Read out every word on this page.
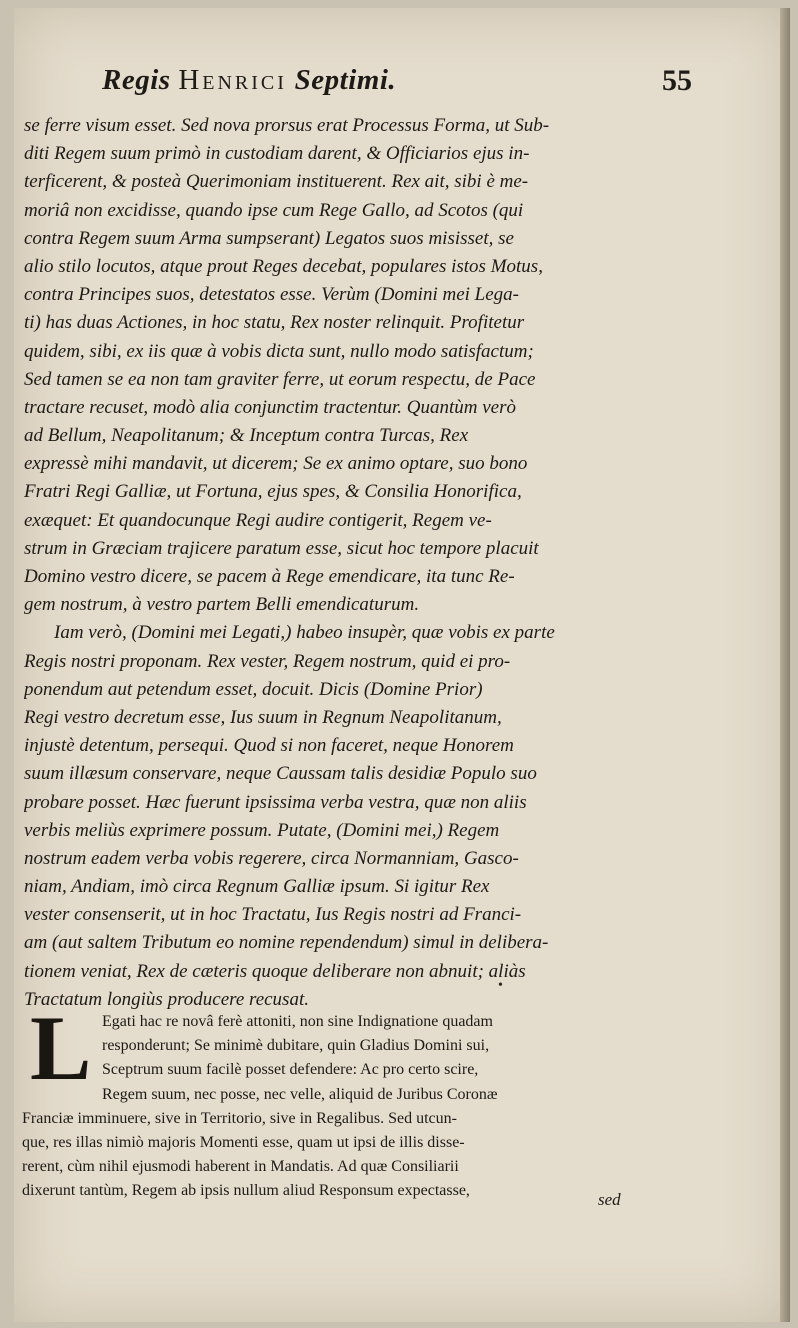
Regis Henrici Septimi.	55
se ferre visum esset. Sed nova prorsus erat Processus Forma, ut Sub-
diti Regem suum primò in custodiam darent, & Officiarios ejus in-
terficerent, & posteà Querimoniam instituerent. Rex ait, sibi è me-
moriâ non excidisse, quando ipse cum Rege Gallo, ad Scotos (qui
contra Regem suum Arma sumpserant) Legatos suos misisset, se
alio stilo locutos, atque prout Reges decebat, populares istos Motus,
contra Principes suos, detestatos esse. Verùm (Domini mei Lega-
ti) has duas Actiones, in hoc statu, Rex noster relinquit. Profitetur
quidem, sibi, ex iis quæ à vobis dicta sunt, nullo modo satisfactum;
Sed tamen se ea non tam graviter ferre, ut eorum respectu, de Pace
tractare recuset, modò alia conjunctim tractentur. Quantùm verò
ad Bellum, Neapolitanum; & Inceptum contra Turcas, Rex
expressè mihi mandavit, ut dicerem; Se ex animo optare, suo bono
Fratri Regi Galliæ, ut Fortuna, ejus spes, & Consilia Honorifica,
exæquet: Et quandocunque Regi audire contigerit, Regem ve-
strum in Græciam trajicere paratum esse, sicut hoc tempore placuit
Domino vestro dicere, se pacem à Rege emendicare, ita tunc Re-
gem nostrum, à vestro partem Belli emendicaturum.
Iam verò, (Domini mei Legati,) habeo insupèr, quæ vobis ex parte
Regis nostri proponam. Rex vester, Regem nostrum, quid ei pro-
ponendum aut petendum esset, docuit. Dicis (Domine Prior)
Regi vestro decretum esse, Ius suum in Regnum Neapolitanum,
injustè detentum, persequi. Quod si non faceret, neque Honorem
suum illæsum conservare, neque Caussam talis desidiæ Populo suo
probare posset. Hæc fuerunt ipsissima verba vestra, quæ non aliis
verbis meliùs exprimere possum. Putate, (Domini mei,) Regem
nostrum eadem verba vobis regerere, circa Normanniam, Gasco-
niam, Andiam, imò circa Regnum Galliæ ipsum. Si igitur Rex
vester consenserit, ut in hoc Tractatu, Ius Regis nostri ad Franci-
am (aut saltem Tributum eo nomine rependendum) simul in delibera-
tionem veniat, Rex de cæteris quoque deliberare non abnuit; aliàs
Tractatum longiùs producere recusat.
•
L Egati hac re novâ ferè attoniti, non sine Indignatione quadam
responderunt; Se minimè dubitare, quin Gladius Domini sui,
Sceptrum suum facilè posset defendere: Ac pro certo scire,
Regem suum, nec posse, nec velle, aliquid de Juribus Coronæ
Franciæ imminuere, sive in Territorio, sive in Regalibus. Sed utcun-
que, res illas nimiò majoris Momenti esse, quam ut ipsi de illis disse-
rerent, cùm nihil ejusmodi haberent in Mandatis. Ad quæ Consiliarii
dixerunt tantùm, Regem ab ipsis nullum aliud Responsum expectasse,	sed
